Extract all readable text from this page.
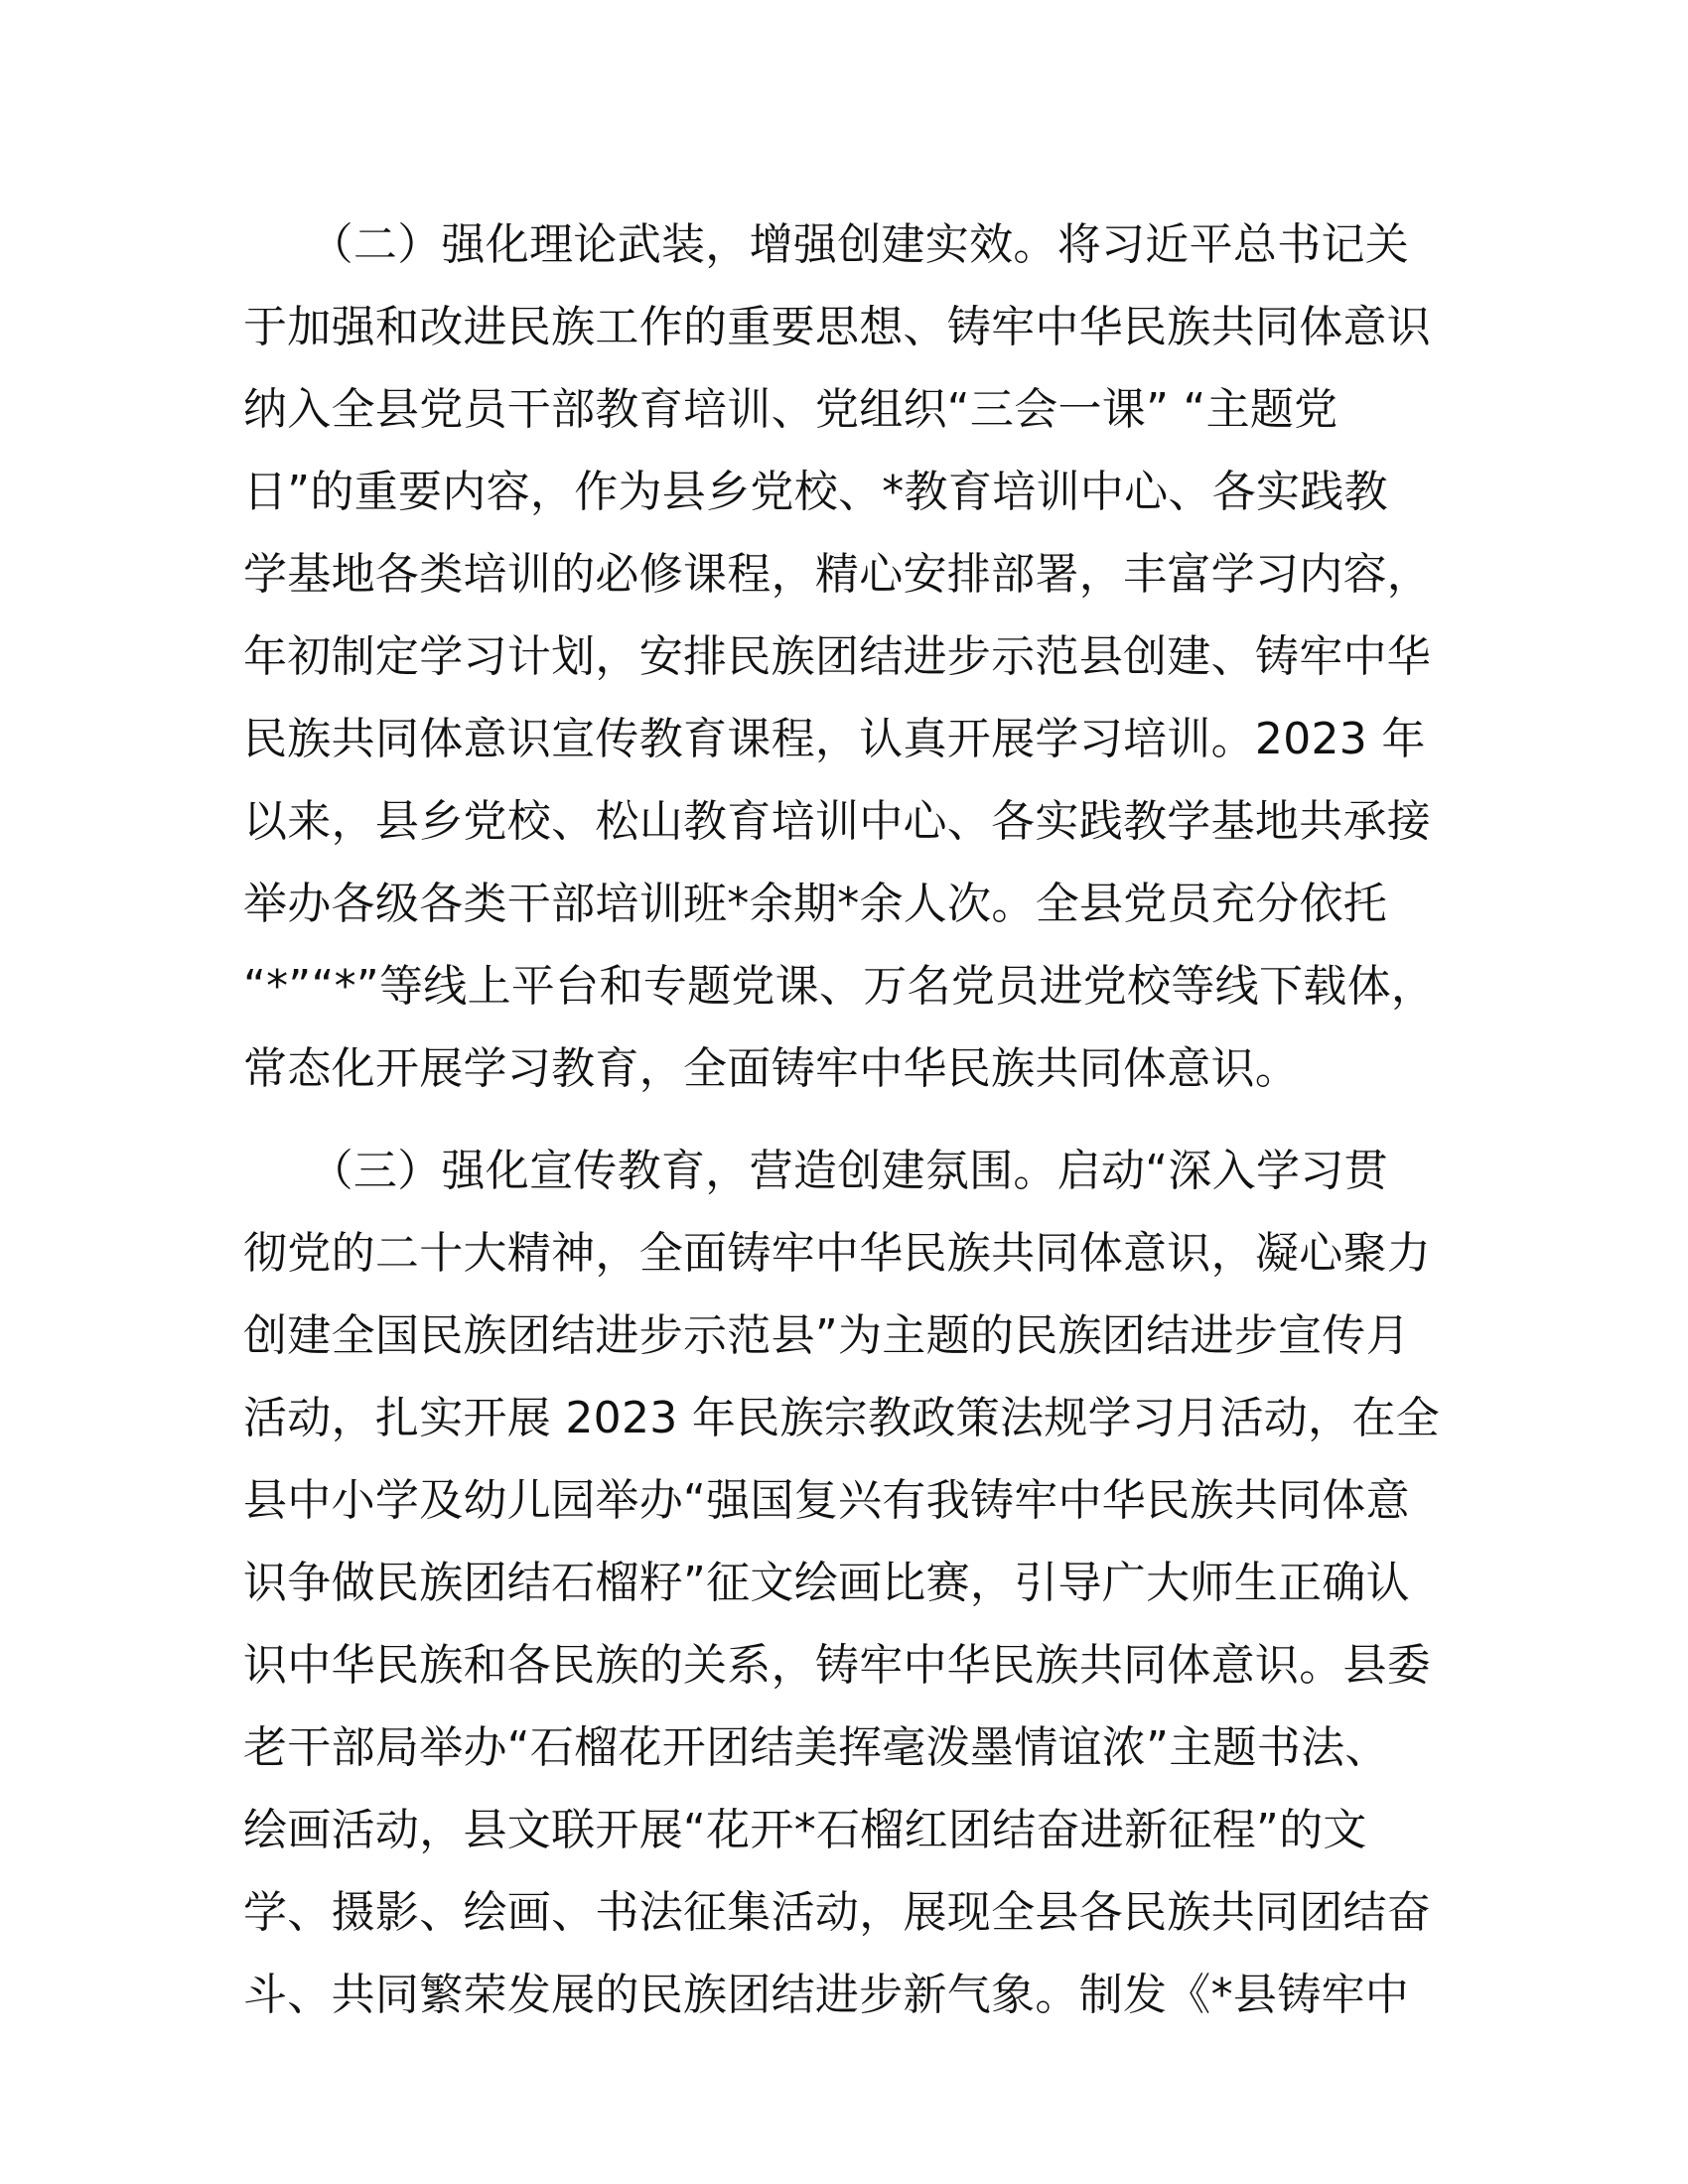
　　（二）强化理论武装，增强创建实效。将习近平总书记关
于加强和改进民族工作的重要思想、铸牢中华民族共同体意识
纳入全县党员干部教育培训、党组织“三会一课” “主题党
日”的重要内容，作为县乡党校、*教育培训中心、各实践教
学基地各类培训的必修课程，精心安排部署，丰富学习内容，
年初制定学习计划，安排民族团结进步示范县创建、铸牢中华
民族共同体意识宣传教育课程，认真开展学习培训。2023 年
以来，县乡党校、松山教育培训中心、各实践教学基地共承接
举办各级各类干部培训班*余期*余人次。全县党员充分依托
“*”“*”等线上平台和专题党课、万名党员进党校等线下载体，
常态化开展学习教育，全面铸牢中华民族共同体意识。
　　（三）强化宣传教育，营造创建氛围。启动“深入学习贯
彻党的二十大精神，全面铸牢中华民族共同体意识，凝心聚力
创建全国民族团结进步示范县”为主题的民族团结进步宣传月
活动，扎实开展 2023 年民族宗教政策法规学习月活动，在全
县中小学及幼儿园举办“强国复兴有我铸牢中华民族共同体意
识争做民族团结石榴籽”征文绘画比赛，引导广大师生正确认
识中华民族和各民族的关系，铸牢中华民族共同体意识。县委
老干部局举办“石榴花开团结美挥毫泼墨情谊浓”主题书法、
绘画活动，县文联开展“花开*石榴红团结奋进新征程”的文
学、摄影、绘画、书法征集活动，展现全县各民族共同团结奋
斗、共同繁荣发展的民族团结进步新气象。制发《*县铸牢中
